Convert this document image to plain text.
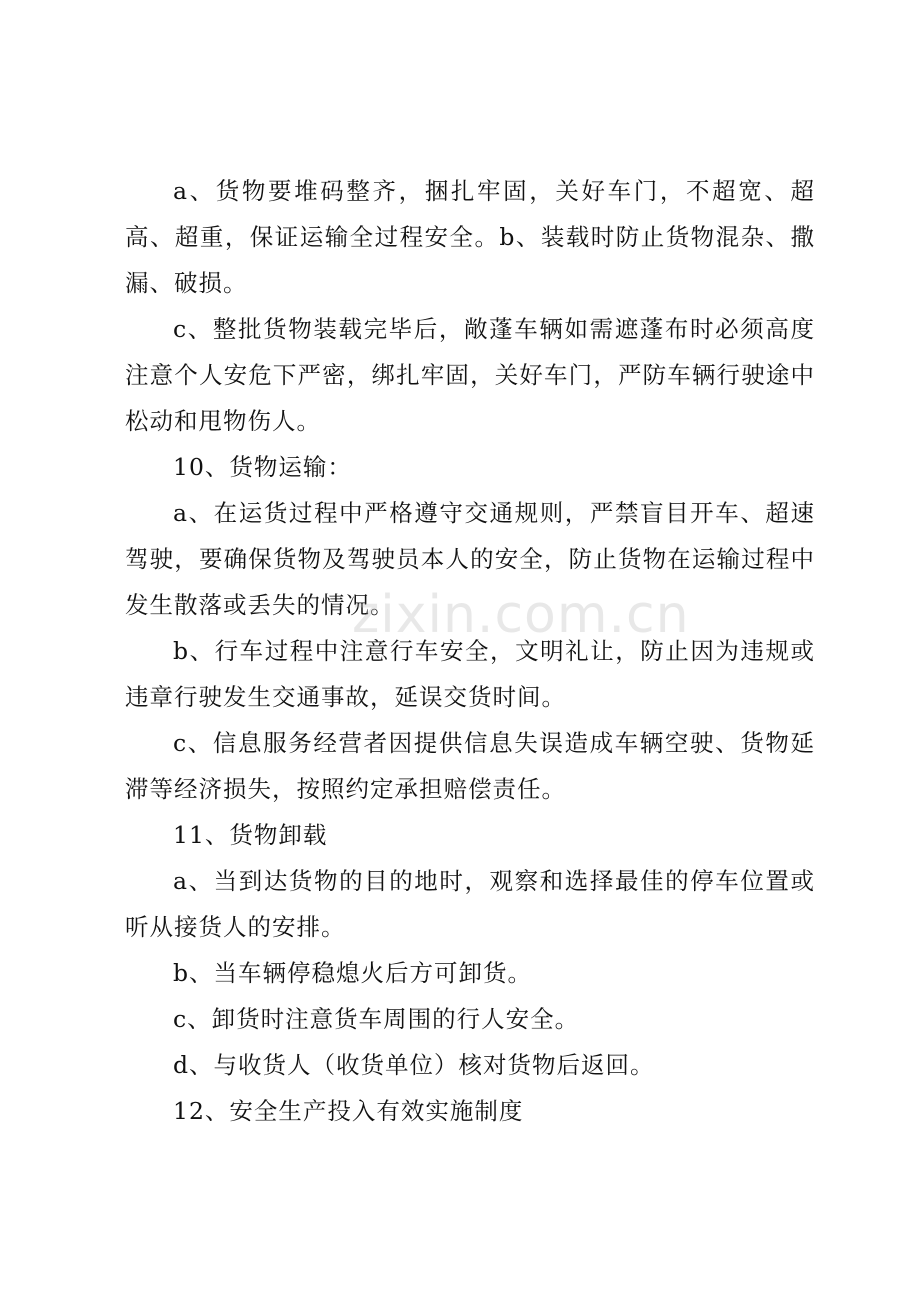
a、货物要堆码整齐，捆扎牢固，关好车门，不超宽、超高、超重，保证运输全过程安全。b、装载时防止货物混杂、撒漏、破损。

c、整批货物装载完毕后，敞蓬车辆如需遮蓬布时必须高度注意个人安危下严密，绑扎牢固，关好车门，严防车辆行驶途中松动和甩物伤人。

10、货物运输：

a、在运货过程中严格遵守交通规则，严禁盲目开车、超速驾驶，要确保货物及驾驶员本人的安全，防止货物在运输过程中发生散落或丢失的情况。

b、行车过程中注意行车安全，文明礼让，防止因为违规或违章行驶发生交通事故，延误交货时间。

c、信息服务经营者因提供信息失误造成车辆空驶、货物延滞等经济损失，按照约定承担赔偿责任。

11、货物卸载

a、当到达货物的目的地时，观察和选择最佳的停车位置或听从接货人的安排。

b、当车辆停稳熄火后方可卸货。

c、卸货时注意货车周围的行人安全。

d、与收货人（收货单位）核对货物后返回。

12、安全生产投入有效实施制度

zixin.com.cn
